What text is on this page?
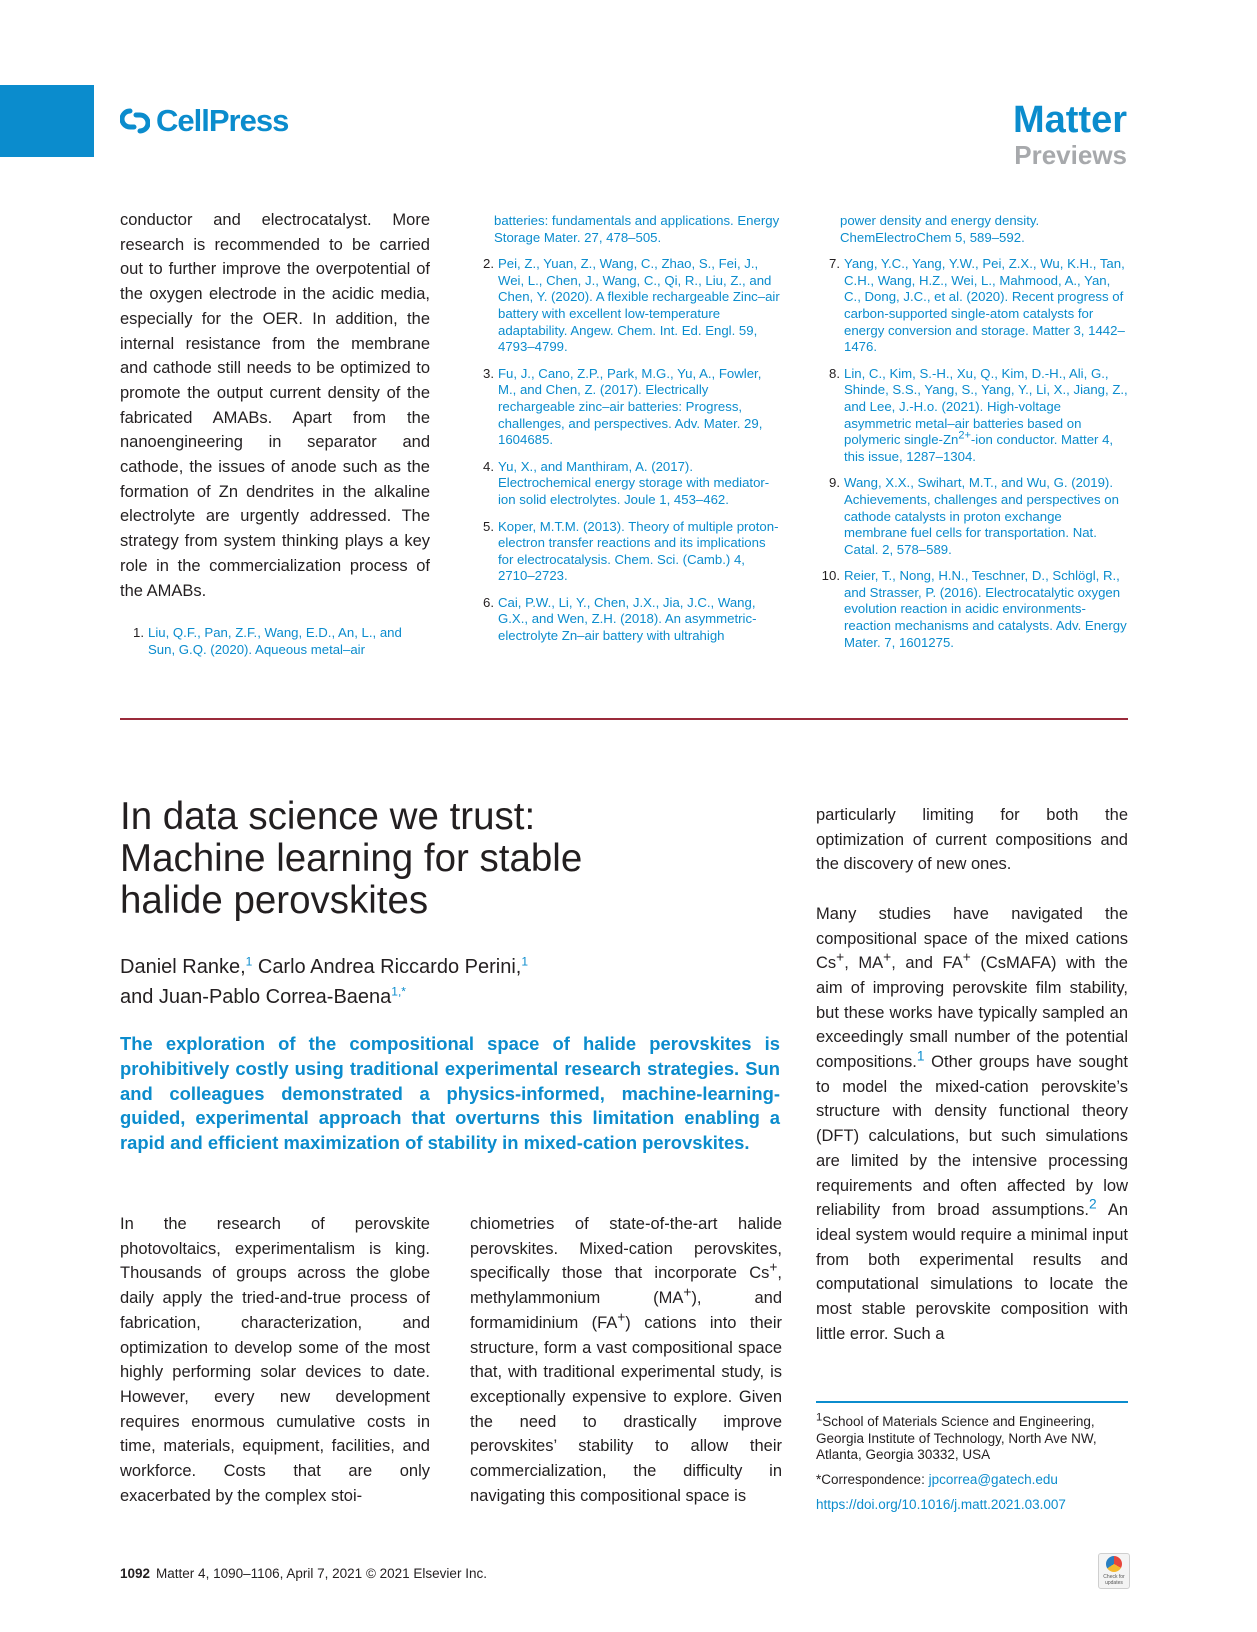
CellPress	Matter
Previews

conductor and electrocatalyst. More research is recommended to be carried out to further improve the overpotential of the oxygen electrode in the acidic media, especially for the OER. In addition, the internal resistance from the membrane and cathode still needs to be optimized to promote the output current density of the fabricated AMABs. Apart from the nanoengineering in separator and cathode, the issues of anode such as the formation of Zn dendrites in the alkaline electrolyte are urgently addressed. The strategy from system thinking plays a key role in the commercialization process of the AMABs.

1. Liu, Q.F., Pan, Z.F., Wang, E.D., An, L., and Sun, G.Q. (2020). Aqueous metal–air
batteries: fundamentals and applications. Energy Storage Mater. 27, 478–505.
2. Pei, Z., Yuan, Z., Wang, C., Zhao, S., Fei, J., Wei, L., Chen, J., Wang, C., Qi, R., Liu, Z., and Chen, Y. (2020). A flexible rechargeable Zinc–air battery with excellent low-temperature adaptability. Angew. Chem. Int. Ed. Engl. 59, 4793–4799.
3. Fu, J., Cano, Z.P., Park, M.G., Yu, A., Fowler, M., and Chen, Z. (2017). Electrically rechargeable zinc–air batteries: Progress, challenges, and perspectives. Adv. Mater. 29, 1604685.
4. Yu, X., and Manthiram, A. (2017). Electrochemical energy storage with mediator-ion solid electrolytes. Joule 1, 453–462.
5. Koper, M.T.M. (2013). Theory of multiple proton-electron transfer reactions and its implications for electrocatalysis. Chem. Sci. (Camb.) 4, 2710–2723.
6. Cai, P.W., Li, Y., Chen, J.X., Jia, J.C., Wang, G.X., and Wen, Z.H. (2018). An asymmetric-electrolyte Zn–air battery with ultrahigh
power density and energy density. ChemElectroChem 5, 589–592.
7. Yang, Y.C., Yang, Y.W., Pei, Z.X., Wu, K.H., Tan, C.H., Wang, H.Z., Wei, L., Mahmood, A., Yan, C., Dong, J.C., et al. (2020). Recent progress of carbon-supported single-atom catalysts for energy conversion and storage. Matter 3, 1442–1476.
8. Lin, C., Kim, S.-H., Xu, Q., Kim, D.-H., Ali, G., Shinde, S.S., Yang, S., Yang, Y., Li, X., Jiang, Z., and Lee, J.-H.o. (2021). High-voltage asymmetric metal–air batteries based on polymeric single-$Zn^{2+}$-ion conductor. Matter 4, this issue, 1287–1304.
9. Wang, X.X., Swihart, M.T., and Wu, G. (2019). Achievements, challenges and perspectives on cathode catalysts in proton exchange membrane fuel cells for transportation. Nat. Catal. 2, 578–589.
10. Reier, T., Nong, H.N., Teschner, D., Schlögl, R., and Strasser, P. (2016). Electrocatalytic oxygen evolution reaction in acidic environments-reaction mechanisms and catalysts. Adv. Energy Mater. 7, 1601275.
In data science we trust: Machine learning for stable halide perovskites
Daniel Ranke,$^1$ Carlo Andrea Riccardo Perini,$^1$
and Juan-Pablo Correa-Baena$^{1,*}$

The exploration of the compositional space of halide perovskites is prohibitively costly using traditional experimental research strategies. Sun and colleagues demonstrated a physics-informed, machine-learning-guided, experimental approach that overturns this limitation enabling a rapid and efficient maximization of stability in mixed-cation perovskites.

In the research of perovskite photovoltaics, experimentalism is king. Thousands of groups across the globe daily apply the tried-and-true process of fabrication, characterization, and optimization to develop some of the most highly performing solar devices to date. However, every new development requires enormous cumulative costs in time, materials, equipment, facilities, and workforce. Costs that are only exacerbated by the complex stoi-

chiometries of state-of-the-art halide perovskites. Mixed-cation perovskites, specifically those that incorporate Cs+, methylammonium (MA+), and formamidinium (FA+) cations into their structure, form a vast compositional space that, with traditional experimental study, is exceptionally expensive to explore. Given the need to drastically improve perovskites’ stability to allow their commercialization, the difficulty in navigating this compositional space is

particularly limiting for both the optimization of current compositions and the discovery of new ones.

Many studies have navigated the compositional space of the mixed cations Cs+, MA+, and FA+ (CsMAFA) with the aim of improving perovskite film stability, but these works have typically sampled an exceedingly small number of the potential compositions.$^1$ Other groups have sought to model the mixed-cation perovskite’s structure with density functional theory (DFT) calculations, but such simulations are limited by the intensive processing requirements and often affected by low reliability from broad assumptions.$^2$ An ideal system would require a minimal input from both experimental results and computational simulations to locate the most stable perovskite composition with little error. Such a

$^1$School of Materials Science and Engineering, Georgia Institute of Technology, North Ave NW, Atlanta, Georgia 30332, USA
*Correspondence: jpcorrea@gatech.edu
https://doi.org/10.1016/j.matt.2021.03.007
1092 Matter 4, 1090–1106, April 7, 2021 © 2021 Elsevier Inc.	Check for updates
